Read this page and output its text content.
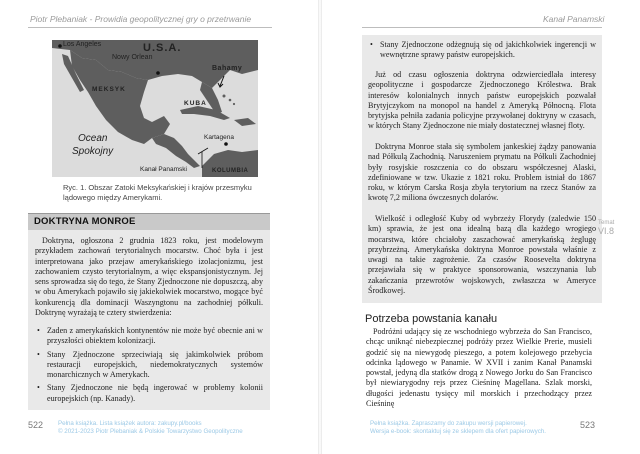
Piotr Plebaniak - Prowidia geopolitycznej gry o przetrwanie	Kanał Panamski
Los Angeles	U.S.A.
Nowy Orlean
Bahamy
MEKSYK
KUBA
Ocean
Spokojny
Kartagena
Kanał Panamski	KOLUMBIA
Ryc. 1. Obszar Zatoki Meksykańskiej i krajów przesmyku
lądowego między Amerykami.
DOKTRYNA MONROE

Doktryna, ogłoszona 2 grudnia 1823 roku, jest modelowym przykładem zachowań terytorialnych mocarstw. Choć była i jest interpretowana jako przejaw amerykańskiego izolacjonizmu, jest zachowaniem czysto terytorialnym, a więc ekspansjonistycznym. Jej sens sprowadza się do tego, że Stany Zjednoczone nie dopuszczą, aby w obu Amerykach pojawiło się jakiekolwiek mocarstwo, mogące być konkurencją dla dominacji Waszyngtonu na zachodniej półkuli. Doktrynę wyrażają te cztery stwierdzenia:

• Zaden z amerykańskich kontynentów nie może być obecnie ani w przyszłości obiektem kolonizacji.
• Stany Zjednoczone sprzeciwiają się jakimkolwiek próbom restauracji europejskich, niedemokratycznych systemów monarchicznych w Amerykach.
• Stany Zjednoczone nie będą ingerować w problemy kolonii europejskich (np. Kanady).
• Stany Zjednoczone odżegnują się od jakichkolwiek ingerencji w wewnętrzne sprawy państw europejskich.

Już od czasu ogłoszenia doktryna odzwierciedlała interesy geopolityczne i gospodarcze Zjednoczonego Królestwa. Brak interesów kolonialnych innych państw europejskich pozwalał Brytyjczykom na monopol na handel z Ameryką Północną. Flota brytyjska pełniła zadania policyjne przywołanej doktryny w czasach, w których Stany Zjednoczone nie miały dostatecznej własnej floty.

Doktryna Monroe stała się symbolem jankeskiej żądzy panowania nad Półkulą Zachodnią. Naruszeniem prymatu na Półkuli Zachodniej były rosyjskie roszczenia co do obszaru współczesnej Alaski, zdefiniowane w tzw. Ukazie z 1821 roku. Problem istniał do 1867 roku, w którym Carska Rosja zbyła terytorium na rzecz Stanów za kwotę 7,2 miliona ówczesnych dolarów.

Wielkość i odległość Kuby od wybrzeży Florydy (zaledwie 150 km) sprawia, że jest ona idealną bazą dla każdego wrogiego mocarstwa, które chciałoby zaszachować amerykańską żeglugę przybrzeżną. Amerykańska doktryna Monroe powstała właśnie z uwagi na takie zagrożenie. Za czasów Roosevelta doktryna przejawiała się w praktyce sponsorowania, wszczynania lub zakańczania przewrotów wojskowych, zwłaszcza w Ameryce Środkowej.

Temat
VI.8
Potrzeba powstania kanału

Podróżni udający się ze wschodniego wybrzeża do San Francisco, chcąc uniknąć niebezpiecznej podróży przez Wielkie Prerie, musieli godzić się na niewygodę pieszego, a potem kolejowego przebycia odcinka lądowego w Panamie. W XVII i zanim Kanał Panamski powstał, jedyną dla statków drogą z Nowego Jorku do San Francisco był niewiarygodny rejs przez Cieśninę Magellana. Szlak morski, długości jedenastu tysięcy mil morskich i przechodzący przez Cieśninę

522 Pełna książka. Lista książek autora: zakupy.pl/books
© 2021-2023 Piotr Plebaniak & Polskie Towarzystwo Geopolityczne
523
Pełna książka. Zapraszamy do zakupu wersji papierowej.
Wersja e-book: skontaktuj się ze sklepem dla ofert papierowych.
